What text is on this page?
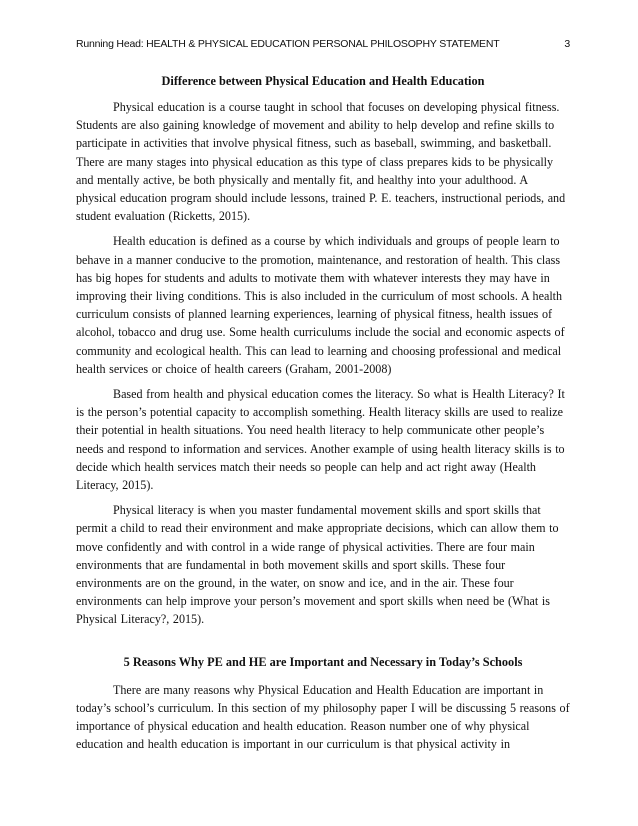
Running Head: HEALTH & PHYSICAL EDUCATION PERSONAL PHILOSOPHY STATEMENT	3
Difference between Physical Education and Health Education

Physical education is a course taught in school that focuses on developing physical fitness. Students are also gaining knowledge of movement and ability to help develop and refine skills to participate in activities that involve physical fitness, such as baseball, swimming, and basketball. There are many stages into physical education as this type of class prepares kids to be physically and mentally active, be both physically and mentally fit, and healthy into your adulthood. A physical education program should include lessons, trained P. E. teachers, instructional periods, and student evaluation (Ricketts, 2015).

Health education is defined as a course by which individuals and groups of people learn to behave in a manner conducive to the promotion, maintenance, and restoration of health. This class has big hopes for students and adults to motivate them with whatever interests they may have in improving their living conditions. This is also included in the curriculum of most schools. A health curriculum consists of planned learning experiences, learning of physical fitness, health issues of alcohol, tobacco and drug use. Some health curriculums include the social and economic aspects of community and ecological health. This can lead to learning and choosing professional and medical health services or choice of health careers (Graham, 2001-2008)

Based from health and physical education comes the literacy. So what is Health Literacy? It is the person’s potential capacity to accomplish something. Health literacy skills are used to realize their potential in health situations. You need health literacy to help communicate other people’s needs and respond to information and services. Another example of using health literacy skills is to decide which health services match their needs so people can help and act right away (Health Literacy, 2015).

Physical literacy is when you master fundamental movement skills and sport skills that permit a child to read their environment and make appropriate decisions, which can allow them to move confidently and with control in a wide range of physical activities. There are four main environments that are fundamental in both movement skills and sport skills. These four environments are on the ground, in the water, on snow and ice, and in the air. These four environments can help improve your person’s movement and sport skills when need be (What is Physical Literacy?, 2015).

5 Reasons Why PE and HE are Important and Necessary in Today’s Schools

There are many reasons why Physical Education and Health Education are important in today’s school’s curriculum. In this section of my philosophy paper I will be discussing 5 reasons of importance of physical education and health education. Reason number one of why physical education and health education is important in our curriculum is that physical activity in
